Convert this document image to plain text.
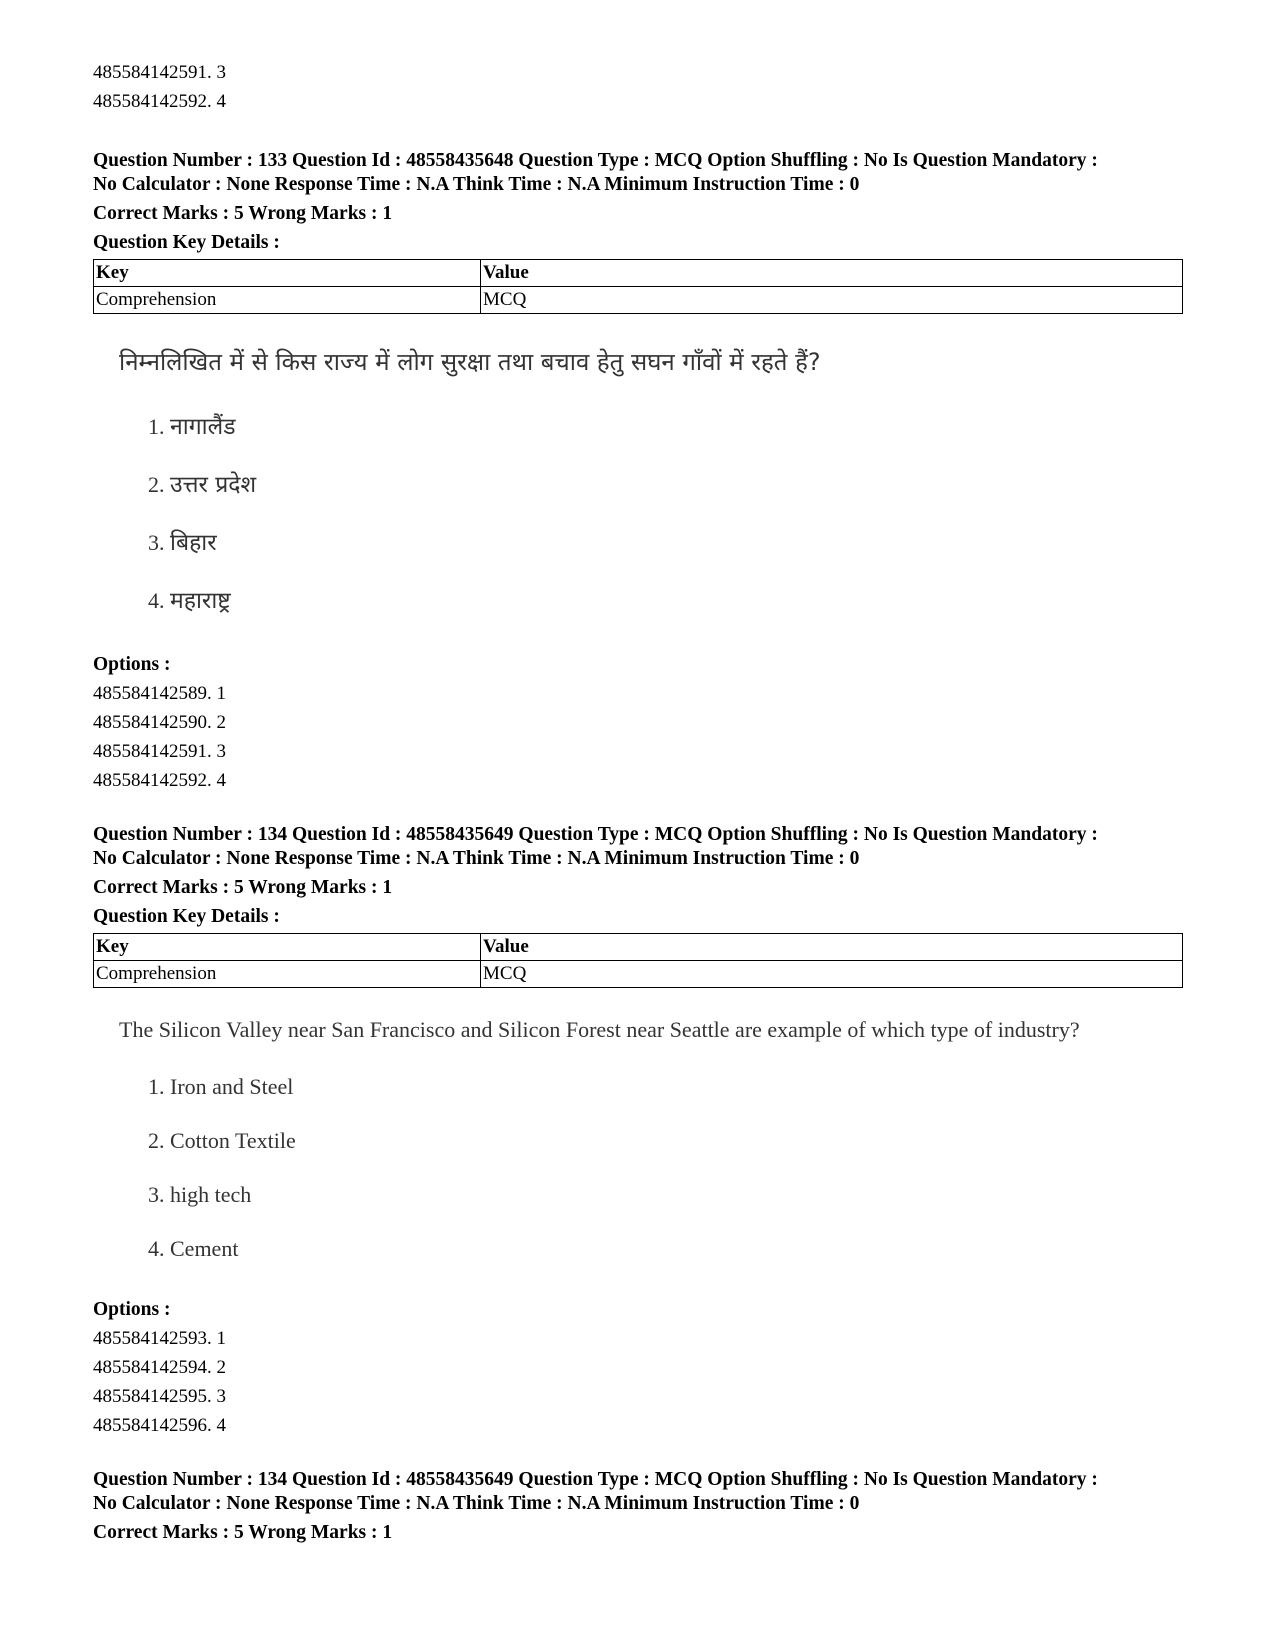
485584142591. 3
485584142592. 4
Question Number : 133 Question Id : 48558435648 Question Type : MCQ Option Shuffling : No Is Question Mandatory :
No Calculator : None Response Time : N.A Think Time : N.A Minimum Instruction Time : 0
Correct Marks : 5 Wrong Marks : 1
Question Key Details :
Key	Value
Comprehension	MCQ
निम्नलिखित में से किस राज्य में लोग सुरक्षा तथा बचाव हेतु सघन गाँवों में रहते हैं?
1. नागालैंड
2. उत्तर प्रदेश
3. बिहार
4. महाराष्ट्र
Options :
485584142589. 1
485584142590. 2
485584142591. 3
485584142592. 4
Question Number : 134 Question Id : 48558435649 Question Type : MCQ Option Shuffling : No Is Question Mandatory :
No Calculator : None Response Time : N.A Think Time : N.A Minimum Instruction Time : 0
Correct Marks : 5 Wrong Marks : 1
Question Key Details :
Key	Value
Comprehension	MCQ
The Silicon Valley near San Francisco and Silicon Forest near Seattle are example of which type of industry?
1. Iron and Steel
2. Cotton Textile
3. high tech
4. Cement
Options :
485584142593. 1
485584142594. 2
485584142595. 3
485584142596. 4
Question Number : 134 Question Id : 48558435649 Question Type : MCQ Option Shuffling : No Is Question Mandatory :
No Calculator : None Response Time : N.A Think Time : N.A Minimum Instruction Time : 0
Correct Marks : 5 Wrong Marks : 1
